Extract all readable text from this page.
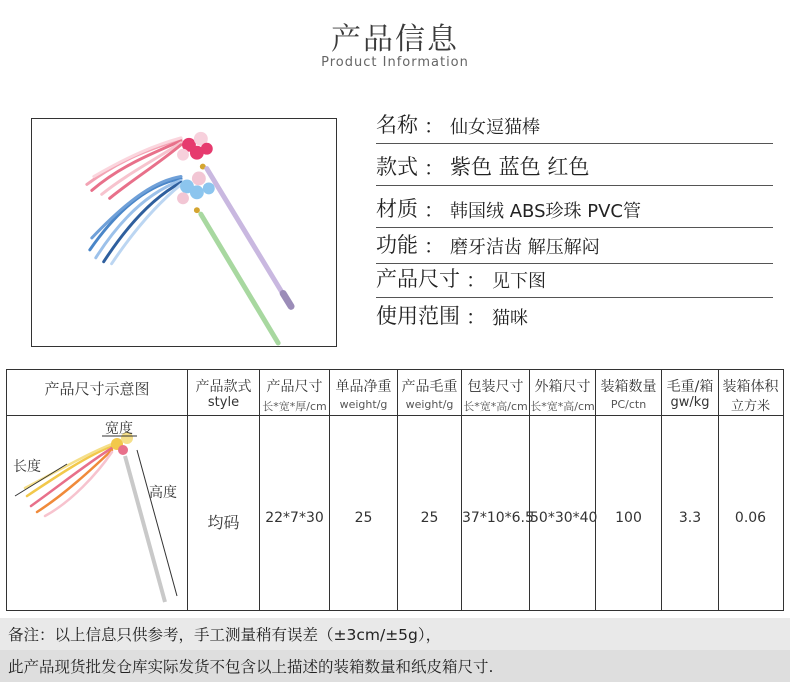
产品信息
Product Information
名称 ： 仙女逗猫棒
款式 ： 紫色 蓝色 红色
材质 ： 韩国绒 ABS珍珠 PVC管
功能 ： 磨牙洁齿 解压解闷
产品尺寸 ： 见下图
使用范围 ： 猫咪
产品尺寸示意图
长度
宽度
高度
产品款式
style
均码
产品尺寸
长*宽*厚/cm
22*7*30
单品净重
weight/g
25
产品毛重
weight/g
25
包装尺寸
长*宽*高/cm
37*10*6.5
外箱尺寸
长*宽*高/cm
50*30*40
装箱数量
PC/ctn
100
毛重/箱
gw/kg
3.3
装箱体积
立方米
0.06
备注：以上信息只供参考，手工测量稍有误差（±3cm/±5g），
此产品现货批发仓库实际发货不包含以上描述的装箱数量和纸皮箱尺寸.
